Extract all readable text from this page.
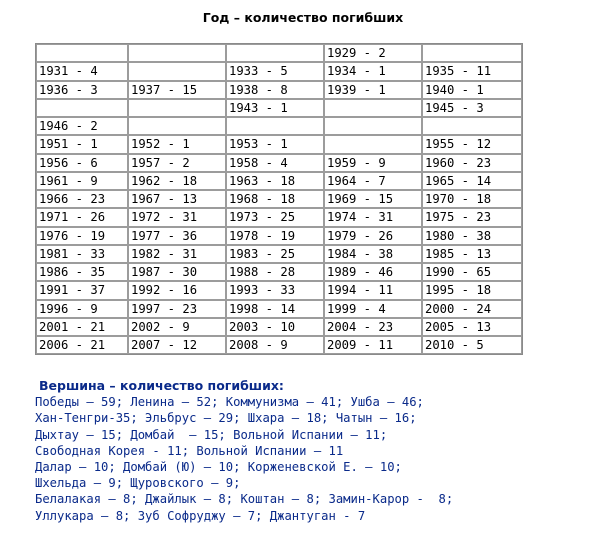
Год – количество погибших
			1929 - 2	
1931 - 4		1933 - 5	1934 - 1	1935 - 11
1936 - 3	1937 - 15	1938 - 8	1939 - 1	1940 - 1
		1943 - 1		1945 - 3
1946 - 2				
1951 - 1	1952 - 1	1953 - 1		1955 - 12
1956 - 6	1957 - 2	1958 - 4	1959 - 9	1960 - 23
1961 - 9	1962 - 18	1963 - 18	1964 - 7	1965 - 14
1966 - 23	1967 - 13	1968 - 18	1969 - 15	1970 - 18
1971 - 26	1972 - 31	1973 - 25	1974 - 31	1975 - 23
1976 - 19	1977 - 36	1978 - 19	1979 - 26	1980 - 38
1981 - 33	1982 - 31	1983 - 25	1984 - 38	1985 - 13
1986 - 35	1987 - 30	1988 - 28	1989 - 46	1990 - 65
1991 - 37	1992 - 16	1993 - 33	1994 - 11	1995 - 18
1996 - 9	1997 - 23	1998 - 14	1999 - 4	2000 - 24
2001 - 21	2002 - 9	2003 - 10	2004 - 23	2005 - 13
2006 - 21	2007 - 12	2008 - 9	2009 - 11	2010 - 5
Вершина – количество погибших:
Победы – 59; Ленина – 52; Коммунизма – 41; Ушба – 46;
Хан-Тенгри-35; Эльбрус – 29; Шхара – 18; Чатын – 16;
Дыхтау – 15; Домбай  – 15; Вольной Испании – 11;
Свободная Корея - 11; Вольной Испании – 11
Далар – 10; Домбай (Ю) – 10; Корженевской Е. – 10;
Шхельда – 9; Щуровского – 9;
Белалакая – 8; Джайлык – 8; Коштан – 8; Замин-Карор -  8;
Уллукара – 8; Зуб Софруджу – 7; Джантуган - 7
